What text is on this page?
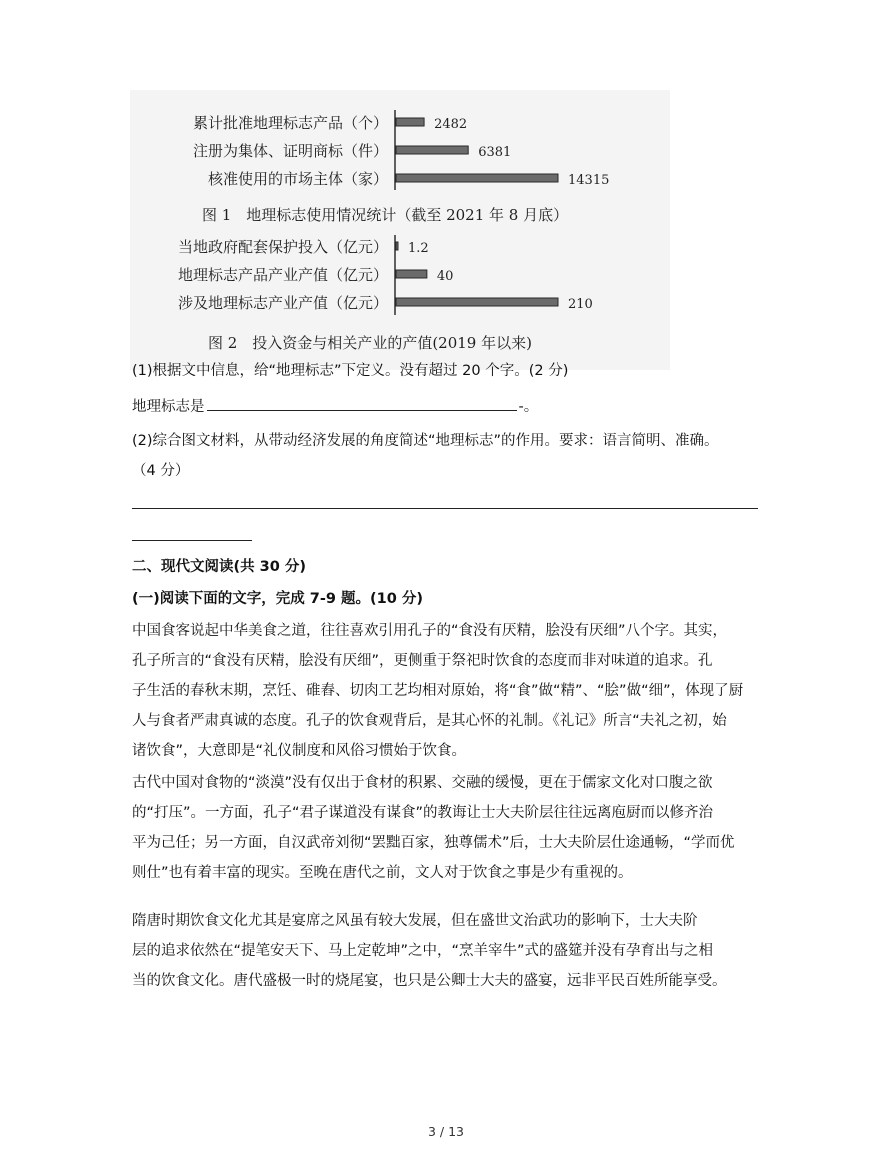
累计批准地理标志产品（个）	2482
注册为集体、证明商标（件）	6381
核准使用的市场主体（家）	14315
图 1　地理标志使用情况统计（截至 2021 年 8 月底）
当地政府配套保护投入（亿元） 1.2
地理标志产品产业产值（亿元）	40
涉及地理标志产业产值（亿元）	210
图 2　投入资金与相关产业的产值(2019 年以来)
(1)根据文中信息，给“地理标志”下定义。没有超过 20 个字。(2 分)
地理标志是	-。
(2)综合图文材料，从带动经济发展的角度简述“地理标志”的作用。要求：语言简明、准确。
（4 分）
二、现代文阅读(共 30 分)
(一)阅读下面的文字，完成 7-9 题。(10 分)

中国食客说起中华美食之道，往往喜欢引用孔子的“食没有厌精，脍没有厌细”八个字。其实，

孔子所言的“食没有厌精，脍没有厌细”，更侧重于祭祀时饮食的态度而非对味道的追求。孔

子生活的春秋末期，烹饪、碓舂、切肉工艺均相对原始，将“食”做“精”、“脍”做“细”，体现了厨

人与食者严肃真诚的态度。孔子的饮食观背后，是其心怀的礼制。《礼记》所言“夫礼之初，始

诸饮食”，大意即是“礼仪制度和风俗习惯始于饮食。

古代中国对食物的“淡漠”没有仅出于食材的积累、交融的缓慢，更在于儒家文化对口腹之欲

的“打压”。一方面，孔子“君子谋道没有谋食”的教诲让士大夫阶层往往远离庖厨而以修齐治

平为己任；另一方面，自汉武帝刘彻“罢黜百家，独尊儒术”后，士大夫阶层仕途通畅，“学而优

则仕”也有着丰富的现实。至晚在唐代之前，文人对于饮食之事是少有重视的。

隋唐时期饮食文化尤其是宴席之风虽有较大发展，但在盛世文治武功的影响下，士大夫阶

层的追求依然在“提笔安天下、马上定乾坤”之中，“烹羊宰牛”式的盛筵并没有孕育出与之相

当的饮食文化。唐代盛极一时的烧尾宴，也只是公卿士大夫的盛宴，远非平民百姓所能享受。

3 / 13
